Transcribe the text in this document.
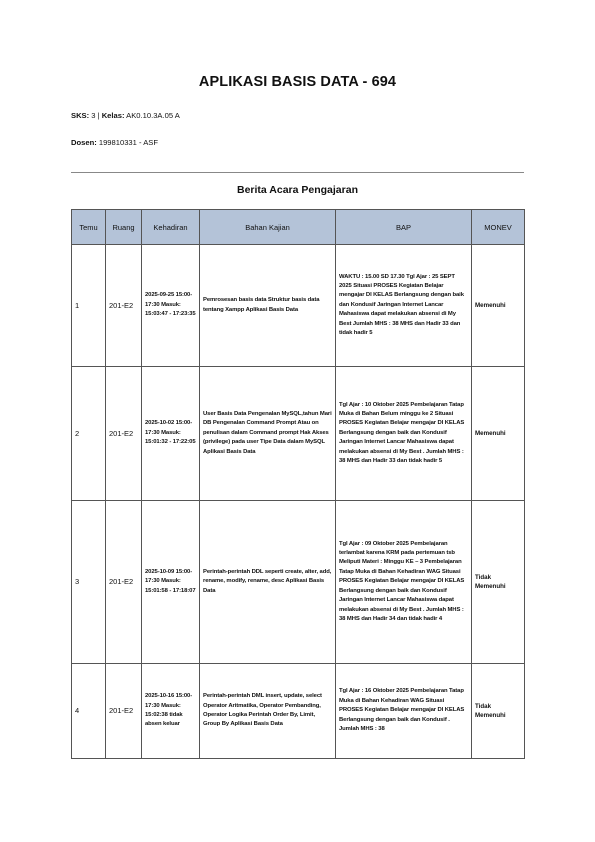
APLIKASI BASIS DATA - 694
SKS: 3 | Kelas: AK0.10.3A.05 A
Dosen: 199810331 - ASF
Berita Acara Pengajaran
Temu	Ruang	Kehadiran	Bahan Kajian	BAP	MONEV
1	201-E2	2025-09-25 15:00-17:30 Masuk: 15:03:47 - 17:23:35	Pemrosesan basis data Struktur basis data tentang Xampp Aplikasi Basis Data	WAKTU : 15.00 SD 17.30 Tgl Ajar : 25 SEPT 2025 Situasi PROSES Kegiatan Belajar mengajar DI KELAS Berlangsung dengan baik dan Kondusif Jaringan Internet Lancar Mahasiswa dapat melakukan absensi di My Best Jumlah MHS : 38 MHS dan Hadir 33 dan tidak hadir 5	Memenuhi
2	201-E2	2025-10-02 15:00-17:30 Masuk: 15:01:32 - 17:22:05	User Basis Data Pengenalan MySQL,tahun Mari DB Pengenalan Command Prompt Atau on penulisan dalam Command prompt Hak Akses (privilege) pada user Tipe Data dalam MySQL Aplikasi Basis Data	Tgl Ajar : 10 Oktober 2025 Pembelajaran Tatap Muka di Bahan Belum minggu ke 2 Situasi PROSES Kegiatan Belajar mengajar DI KELAS Berlangsung dengan baik dan Kondusif Jaringan Internet Lancar Mahasiswa dapat melakukan absensi di My Best . Jumlah MHS : 38 MHS dan Hadir 33 dan tidak hadir 5	Memenuhi
3	201-E2	2025-10-09 15:00-17:30 Masuk: 15:01:58 - 17:18:07	Perintah-perintah DDL seperti create, alter, add, rename, modify, rename, desc Aplikasi Basis Data	Tgl Ajar : 09 Oktober 2025 Pembelajaran terlambat karena KRM pada pertemuan tsb Meliputi Materi : Minggu KE – 3 Pembelajaran Tatap Muka di Bahan Kehadiran WAG Situasi PROSES Kegiatan Belajar mengajar DI KELAS Berlangsung dengan baik dan Kondusif Jaringan Internet Lancar Mahasiswa dapat melakukan absensi di My Best . Jumlah MHS : 38 MHS dan Hadir 34 dan tidak hadir 4	Tidak Memenuhi
4	201-E2	2025-10-16 15:00-17:30 Masuk: 15:02:38 tidak absen keluar	Perintah-perintah DML insert, update, select Operator Aritmatika, Operator Pembanding, Operator Logika Perintah Order By, Limit, Group By Aplikasi Basis Data	Tgl Ajar : 16 Oktober 2025 Pembelajaran Tatap Muka di Bahan Kehadiran WAG Situasi PROSES Kegiatan Belajar mengajar DI KELAS Berlangsung dengan baik dan Kondusif . Jumlah MHS : 38	Tidak Memenuhi
